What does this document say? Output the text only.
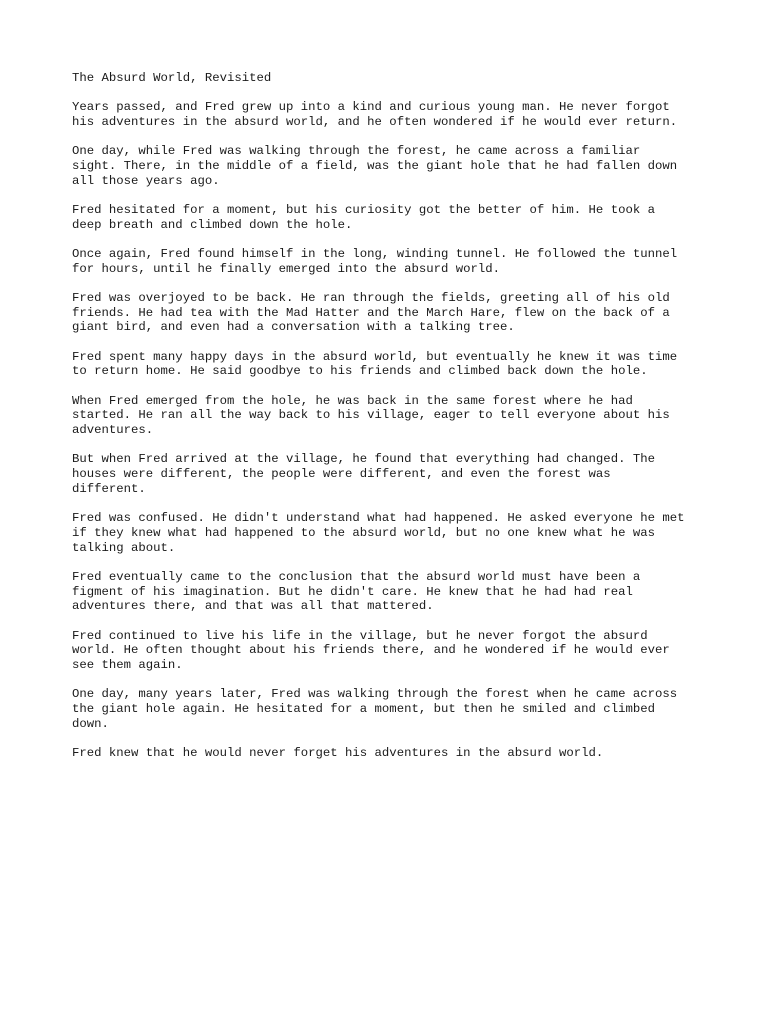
The Absurd World, Revisited
Years passed, and Fred grew up into a kind and curious young man. He never forgot
his adventures in the absurd world, and he often wondered if he would ever return.
One day, while Fred was walking through the forest, he came across a familiar
sight. There, in the middle of a field, was the giant hole that he had fallen down
all those years ago.
Fred hesitated for a moment, but his curiosity got the better of him. He took a
deep breath and climbed down the hole.
Once again, Fred found himself in the long, winding tunnel. He followed the tunnel
for hours, until he finally emerged into the absurd world.
Fred was overjoyed to be back. He ran through the fields, greeting all of his old
friends. He had tea with the Mad Hatter and the March Hare, flew on the back of a
giant bird, and even had a conversation with a talking tree.
Fred spent many happy days in the absurd world, but eventually he knew it was time
to return home. He said goodbye to his friends and climbed back down the hole.
When Fred emerged from the hole, he was back in the same forest where he had
started. He ran all the way back to his village, eager to tell everyone about his
adventures.
But when Fred arrived at the village, he found that everything had changed. The
houses were different, the people were different, and even the forest was
different.
Fred was confused. He didn't understand what had happened. He asked everyone he met
if they knew what had happened to the absurd world, but no one knew what he was
talking about.
Fred eventually came to the conclusion that the absurd world must have been a
figment of his imagination. But he didn't care. He knew that he had had real
adventures there, and that was all that mattered.
Fred continued to live his life in the village, but he never forgot the absurd
world. He often thought about his friends there, and he wondered if he would ever
see them again.
One day, many years later, Fred was walking through the forest when he came across
the giant hole again. He hesitated for a moment, but then he smiled and climbed
down.
Fred knew that he would never forget his adventures in the absurd world.
